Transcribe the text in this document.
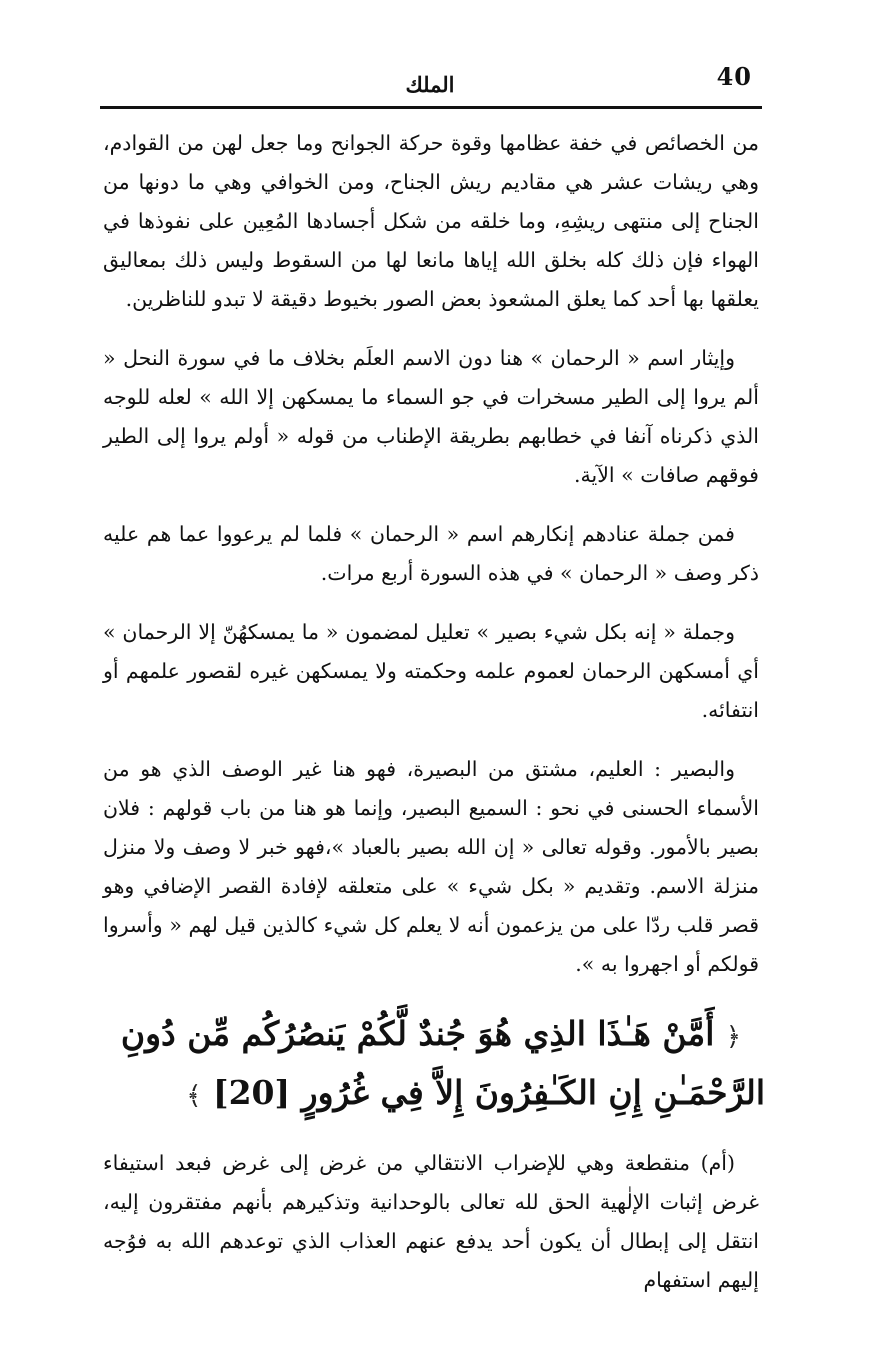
40
الملك

من الخصائص في خفة عظامها وقوة حركة الجوانح وما جعل لهن من القوادم، وهي ريشات عشر هي مقاديم ريش الجناح، ومن الخوافي وهي ما دونها من الجناح إلى منتهى ريشِهِ، وما خلقه من شكل أجسادها المُعِين على نفوذها في الهواء فإن ذلك كله بخلق الله إياها مانعا لها من السقوط وليس ذلك بمعاليق يعلقها بها أحد كما يعلق المشعوذ بعض الصور بخيوط دقيقة لا تبدو للناظرين.

وإيثار اسم « الرحمان » هنا دون الاسم العلَم بخلاف ما في سورة النحل « ألم يروا إلى الطير مسخرات في جو السماء ما يمسكهن إلا الله » لعله للوجه الذي ذكرناه آنفا في خطابهم بطريقة الإطناب من قوله « أولم يروا إلى الطير فوقهم صافات » الآية.

فمن جملة عنادهم إنكارهم اسم « الرحمان » فلما لم يرعووا عما هم عليه ذكر وصف « الرحمان » في هذه السورة أربع مرات.

وجملة « إنه بكل شيء بصير » تعليل لمضمون « ما يمسكهُنّ إلا الرحمان » أي أمسكهن الرحمان لعموم علمه وحكمته ولا يمسكهن غيره لقصور علمهم أو انتفائه.

والبصير : العليم، مشتق من البصيرة، فهو هنا غير الوصف الذي هو من الأسماء الحسنى في نحو : السميع البصير، وإنما هو هنا من باب قولهم : فلان بصير بالأمور. وقوله تعالى « إن الله بصير بالعباد »،فهو خبر لا وصف ولا منزل منزلة الاسم. وتقديم « بكل شيء » على متعلقه لإفادة القصر الإضافي وهو قصر قلب ردّا على من يزعمون أنه لا يعلم كل شيء كالذين قيل لهم « وأسروا قولكم أو اجهروا به ».

﴿ أَمَّنْ هَـٰذَا الذِي هُوَ جُندٌ لَّكُمْ يَنصُرُكُم مِّن دُونِ الرَّحْمَـٰنِ إِنِ الكَـٰفِرُونَ إِلاَّ فِي غُرُورٍ [20] ﴾

(أم) منقطعة وهي للإضراب الانتقالي من غرض إلى غرض فبعد استيفاء غرض إثبات الإلٰهية الحق لله تعالى بالوحدانية وتذكيرهم بأنهم مفتقرون إليه، انتقل إلى إبطال أن يكون أحد يدفع عنهم العذاب الذي توعدهم الله به فوُجه إليهم استفهام
